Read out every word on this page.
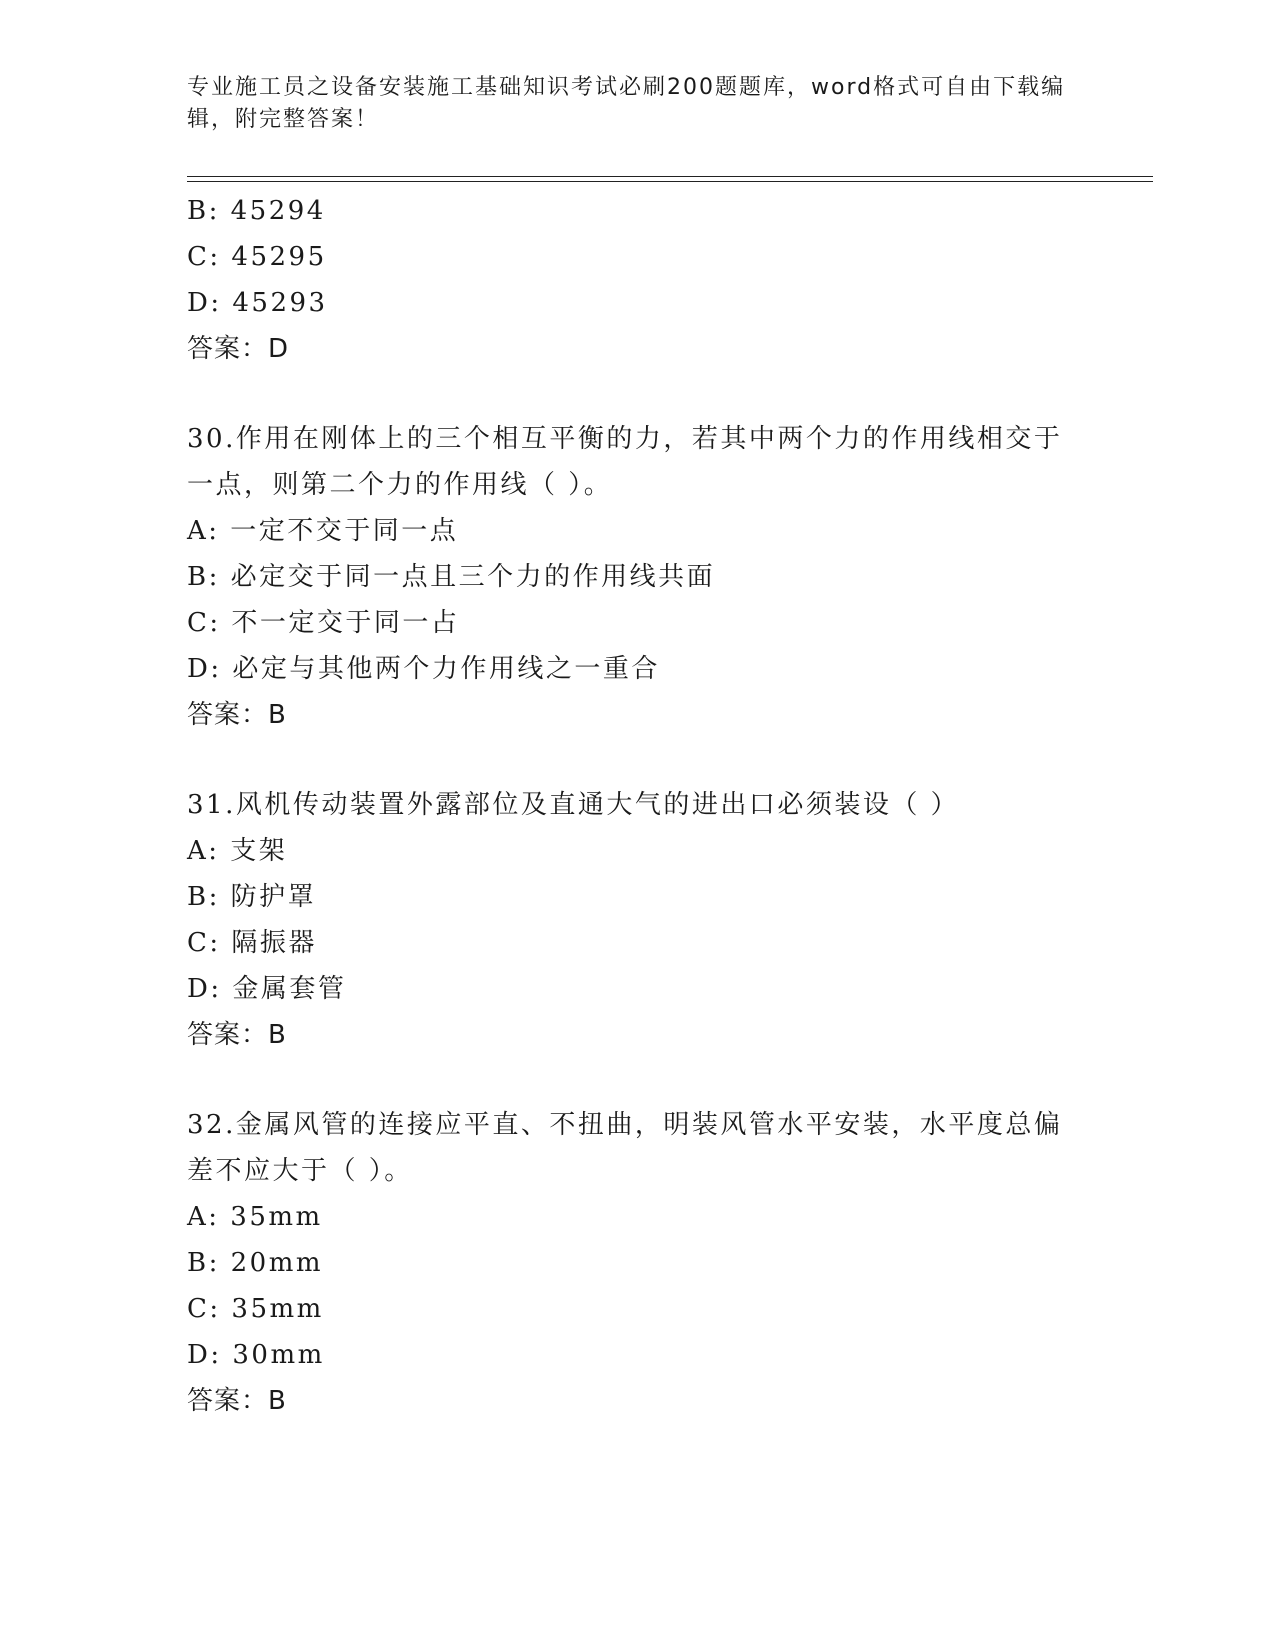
专业施工员之设备安装施工基础知识考试必刷200题题库，word格式可自由下载编辑，附完整答案！
B: 45294
C: 45295
D: 45293
答案：D
30.作用在刚体上的三个相互平衡的力，若其中两个力的作用线相交于一点，则第二个力的作用线（ ）。
A: 一定不交于同一点
B: 必定交于同一点且三个力的作用线共面
C: 不一定交于同一占
D: 必定与其他两个力作用线之一重合
答案：B
31.风机传动装置外露部位及直通大气的进出口必须装设（ ）
A: 支架
B: 防护罩
C: 隔振器
D: 金属套管
答案：B
32.金属风管的连接应平直、不扭曲，明装风管水平安装，水平度总偏差不应大于（ ）。
A: 35mm
B: 20mm
C: 35mm
D: 30mm
答案：B
